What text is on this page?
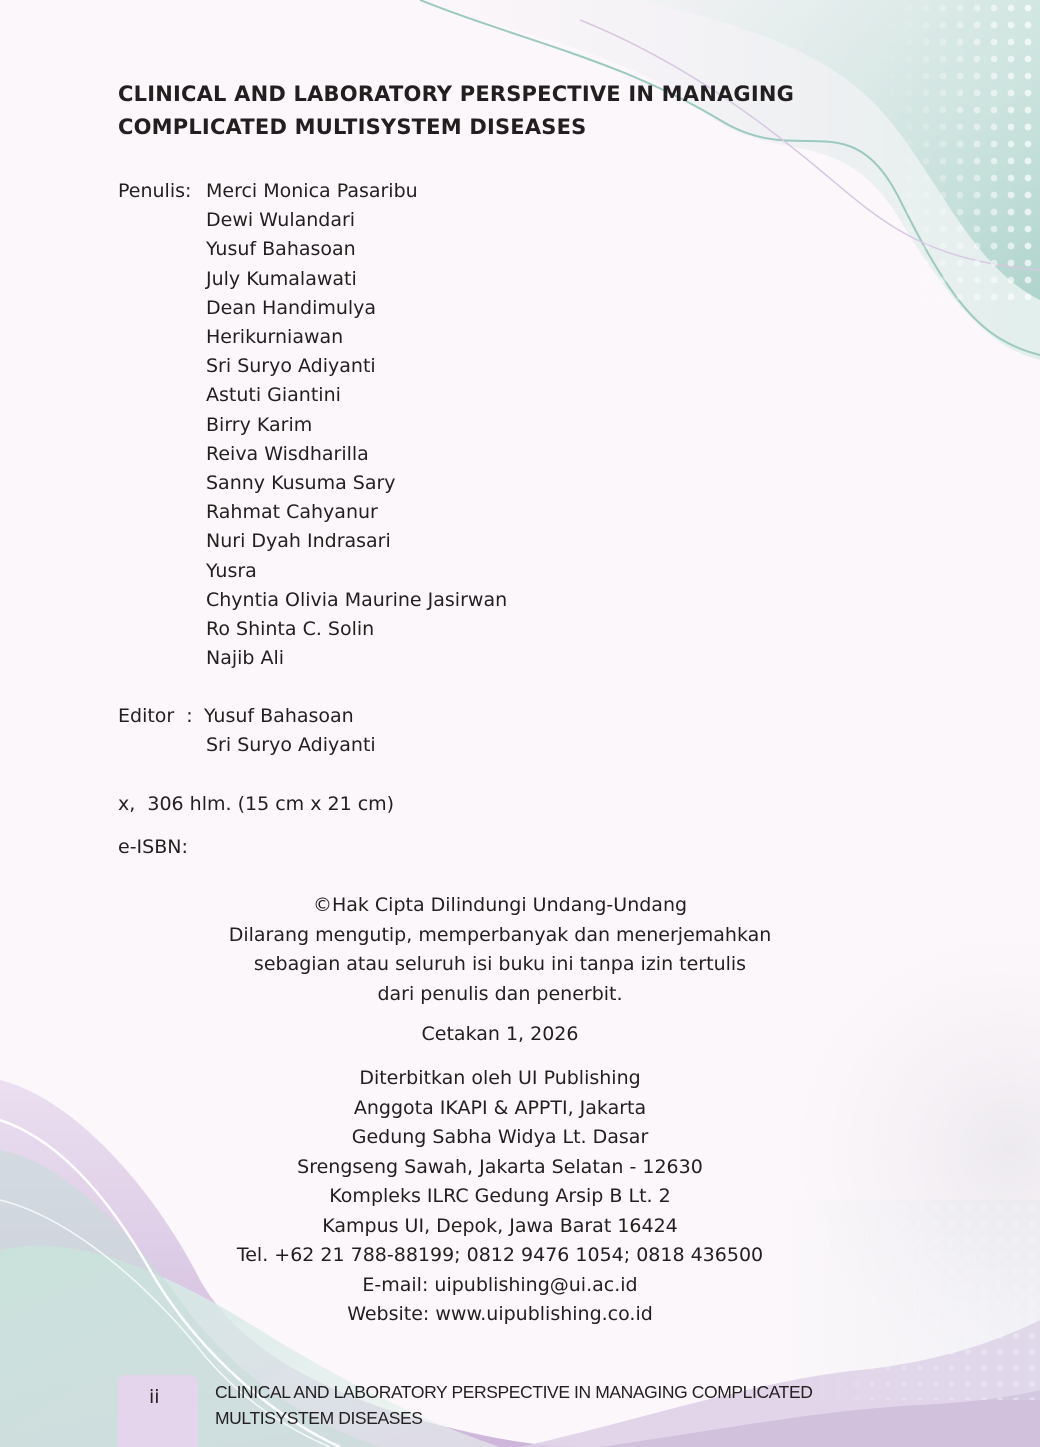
CLINICAL AND LABORATORY PERSPECTIVE IN MANAGING
COMPLICATED MULTISYSTEM DISEASES
Penulis: Merci Monica Pasaribu
Dewi Wulandari
Yusuf Bahasoan
July Kumalawati
Dean Handimulya
Herikurniawan
Sri Suryo Adiyanti
Astuti Giantini
Birry Karim
Reiva Wisdharilla
Sanny Kusuma Sary
Rahmat Cahyanur
Nuri Dyah Indrasari
Yusra
Chyntia Olivia Maurine Jasirwan
Ro Shinta C. Solin
Najib Ali
Editor  : Yusuf Bahasoan
Sri Suryo Adiyanti
x,  306 hlm. (15 cm x 21 cm)
e-ISBN:
©Hak Cipta Dilindungi Undang-Undang
Dilarang mengutip, memperbanyak dan menerjemahkan
sebagian atau seluruh isi buku ini tanpa izin tertulis
dari penulis dan penerbit.
Cetakan 1, 2026
Diterbitkan oleh UI Publishing
Anggota IKAPI & APPTI, Jakarta
Gedung Sabha Widya Lt. Dasar
Srengseng Sawah, Jakarta Selatan - 12630
Kompleks ILRC Gedung Arsip B Lt. 2
Kampus UI, Depok, Jawa Barat 16424
Tel. +62 21 788-88199; 0812 9476 1054; 0818 436500
E-mail: uipublishing@ui.ac.id
Website: www.uipublishing.co.id
ii	CLINICAL AND LABORATORY PERSPECTIVE IN MANAGING COMPLICATED
MULTISYSTEM DISEASES
